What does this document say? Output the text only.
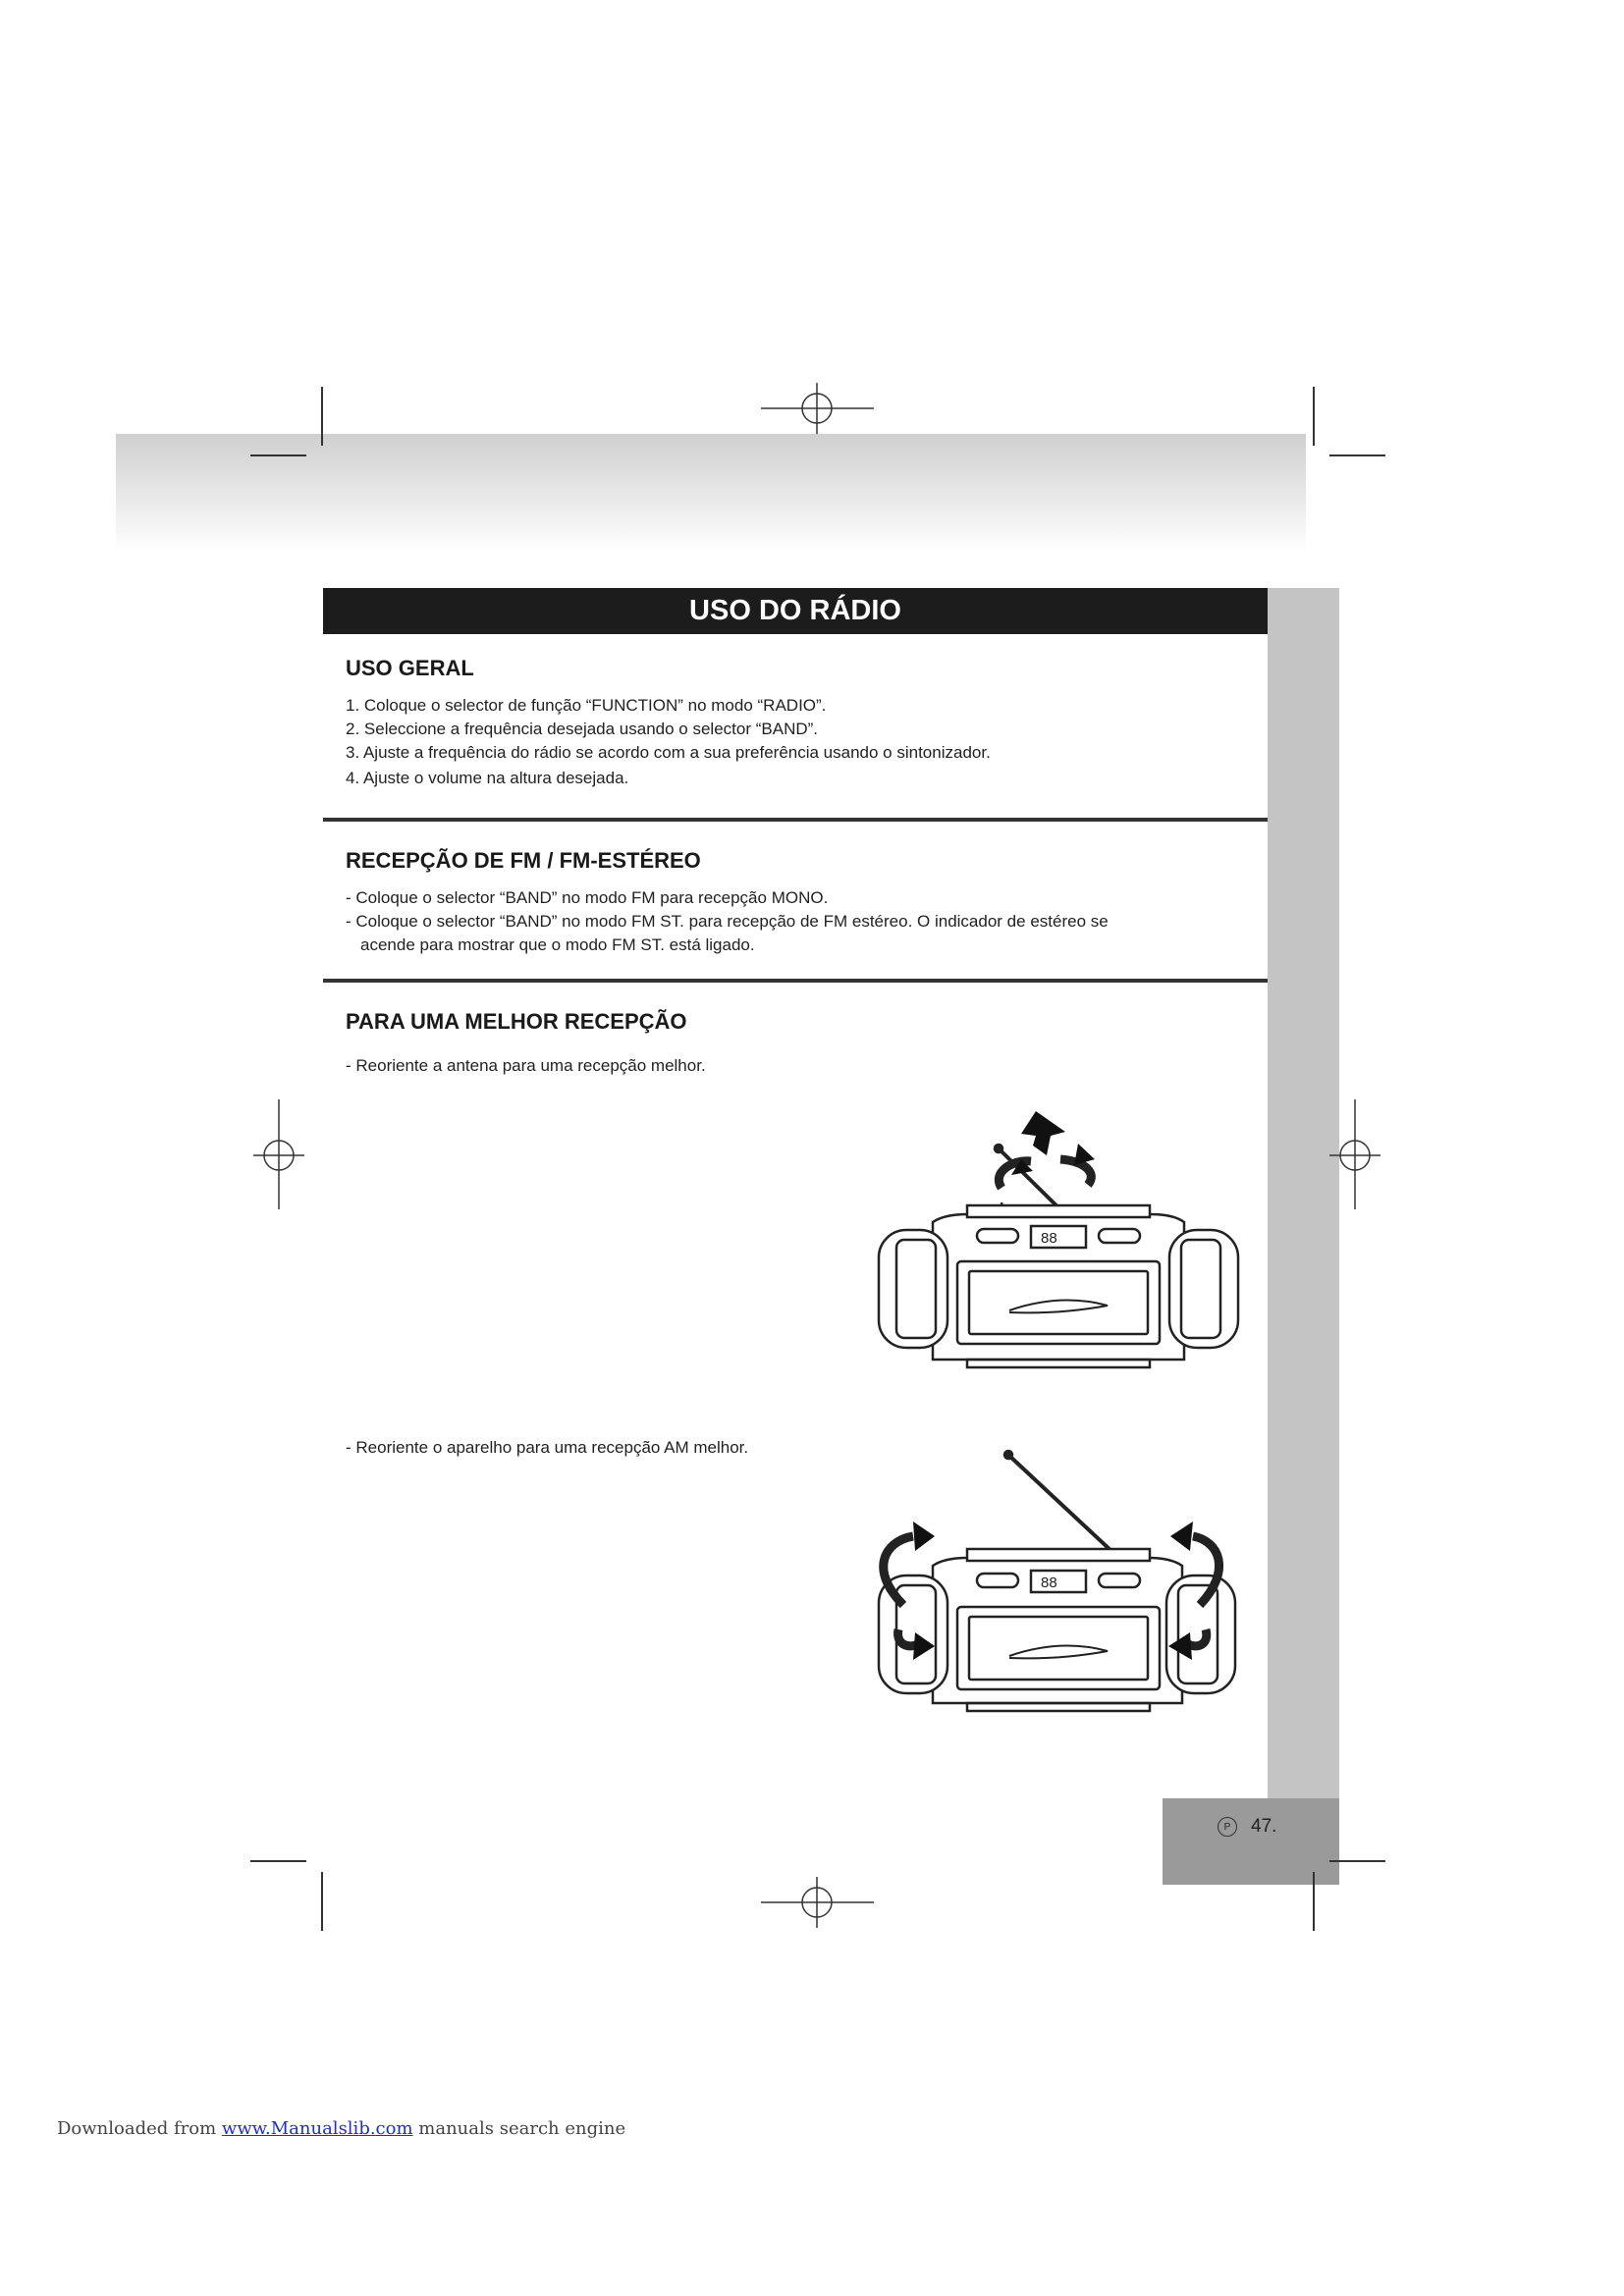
P	47.
USO DO RÁDIO
USO GERAL
1. Coloque o selector de função “FUNCTION” no modo “RADIO”.
2. Seleccione a frequência desejada usando o selector “BAND”.
3. Ajuste a frequência do rádio se acordo com a sua preferência usando o sintonizador.
4. Ajuste o volume na altura desejada.
RECEPÇÃO DE FM / FM-ESTÉREO
- Coloque o selector “BAND” no modo FM para recepção MONO.
- Coloque o selector “BAND” no modo FM ST. para recepção de FM estéreo. O indicador de estéreo se
acende para mostrar que o modo FM ST. está ligado.
PARA UMA MELHOR RECEPÇÃO
- Reoriente a antena para uma recepção melhor.
- Reoriente o aparelho para uma recepção AM melhor.
88
88
Downloaded from www.Manualslib.com manuals search engine
